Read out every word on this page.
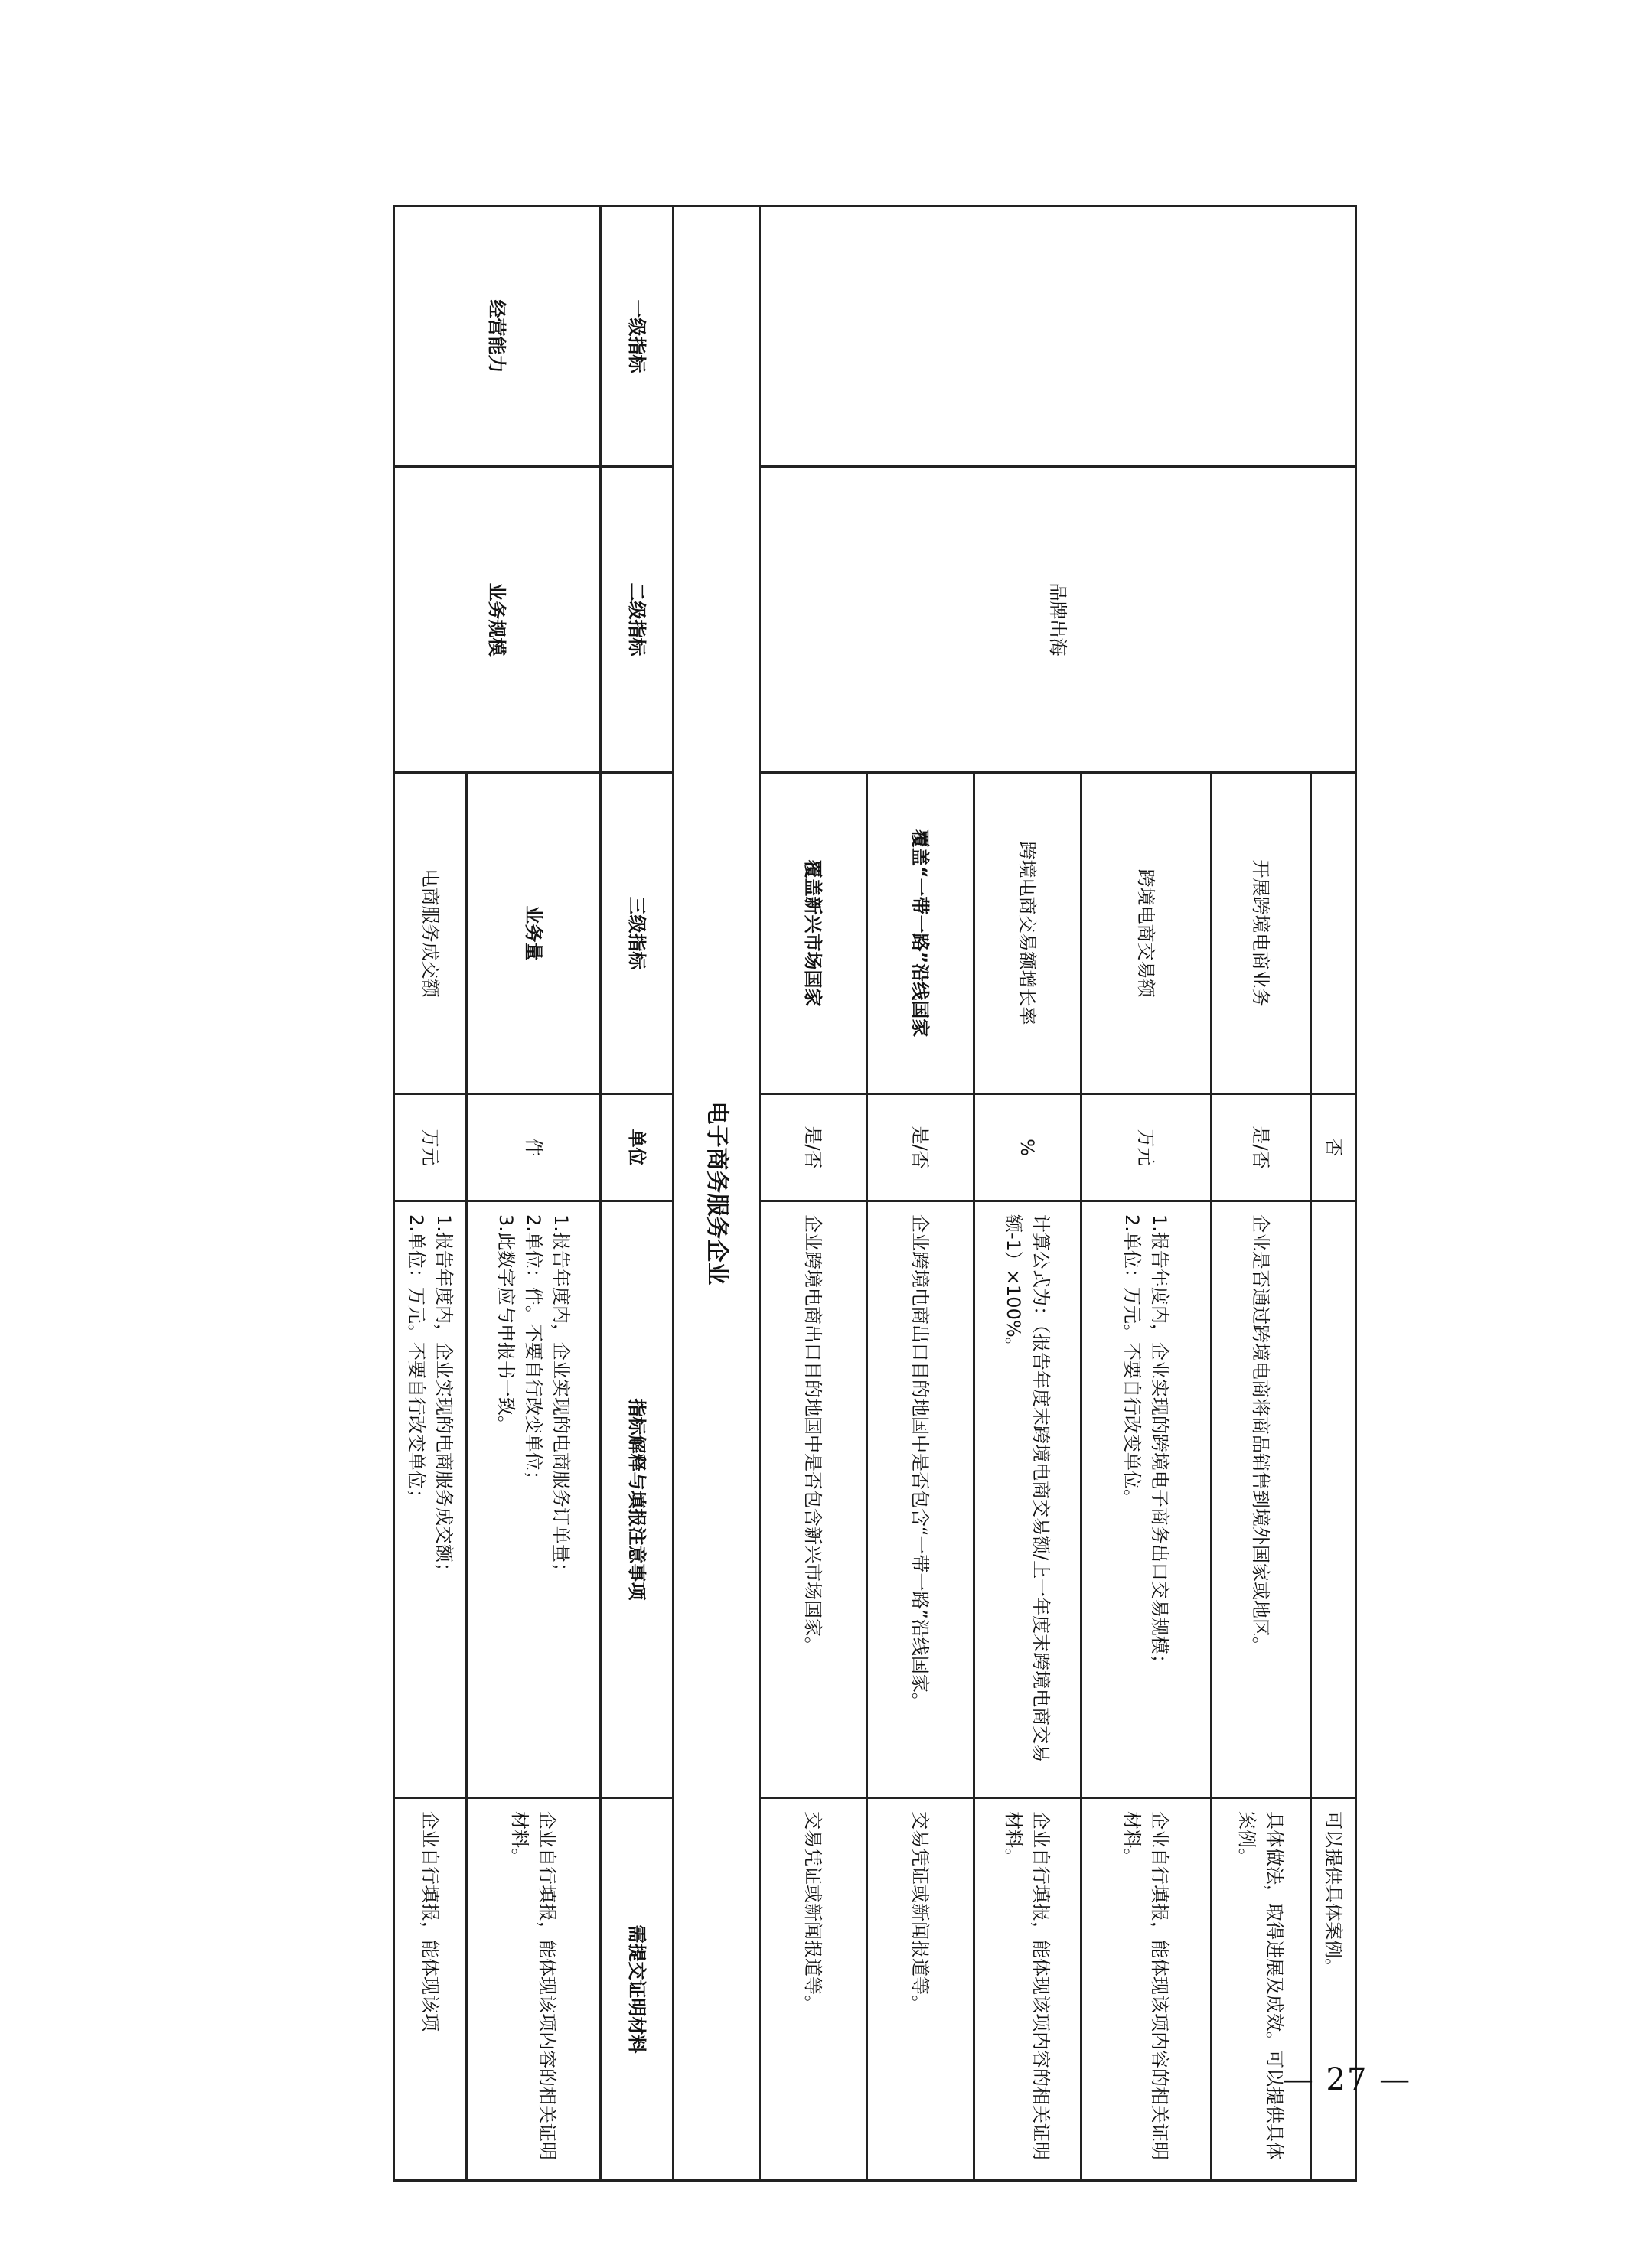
	品牌出海		否		可以提供具体案例。
		开展跨境电商业务	是/否	企业是否通过跨境电商将商品销售到境外国家或地区。	具体做法，取得进展及成效。可以提供具体案例。
		跨境电商交易额	万元	1.报告年度内，企业实现的跨境电子商务出口交易规模；
2.单位：万元。不要自行改变单位。	企业自行填报，能体现该项内容的相关证明材料。
		跨境电商交易额增长率	%	计算公式为：（报告年度末跨境电商交易额/上一年度末跨境电商交易额-1）×100%。	企业自行填报，能体现该项内容的相关证明材料。
		覆盖“一带一路”沿线国家	是/否	企业跨境电商出口目的地国中是否包含“一带一路”沿线国家。	交易凭证或新闻报道等。
		覆盖新兴市场国家	是/否	企业跨境电商出口目的地国中是否包含新兴市场国家。	交易凭证或新闻报道等。
电子商务服务企业					
一级指标	二级指标	三级指标	单位	指标解释与填报注意事项	需提交证明材料
经营能力	业务规模	业务量	件	1.报告年度内，企业实现的电商服务订单量；
2.单位：件。不要自行改变单位；
3.此数字应与申报书一致。	企业自行填报，能体现该项内容的相关证明材料。
		电商服务成交额	万元	1.报告年度内，企业实现的电商服务成交额；
2.单位：万元。不要自行改变单位；	企业自行填报，能体现该项
— 27 —
